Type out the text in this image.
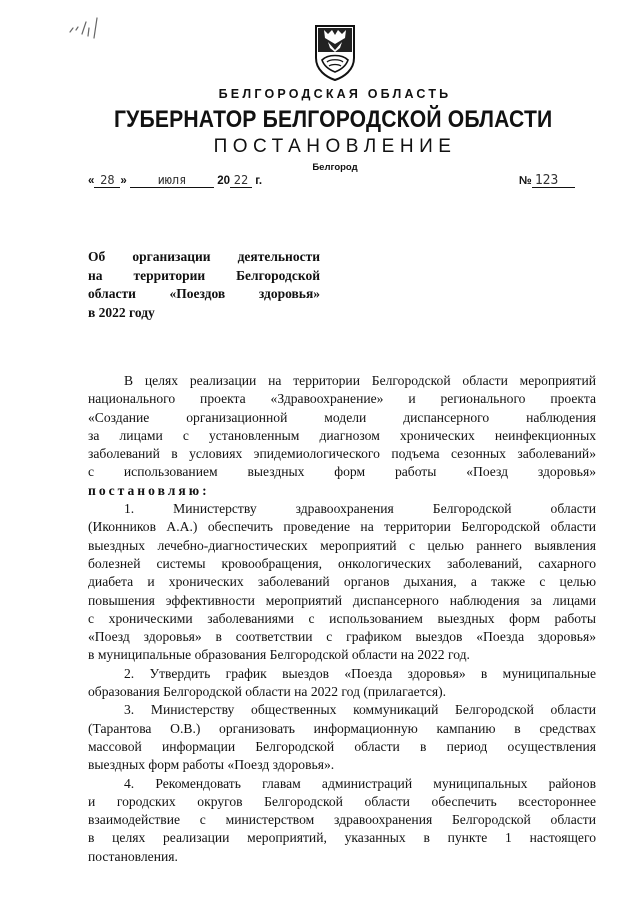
БЕЛГОРОДСКАЯ ОБЛАСТЬ
ГУБЕРНАТОР БЕЛГОРОДСКОЙ ОБЛАСТИ
ПОСТАНОВЛЕНИЕ
Белгород
« 28 »	июля	20 22 г.	№ 123
Об организации деятельности
на территории Белгородской
области «Поездов здоровья»
в 2022 году
В целях реализации на территории Белгородской области мероприятий
национального проекта «Здравоохранение» и регионального проекта
«Создание организационной модели диспансерного наблюдения
за лицами с установленным диагнозом хронических неинфекционных
заболеваний в условиях эпидемиологического подъема сезонных заболеваний»
с использованием выездных форм работы «Поезд здоровья»
постановляю:
1. Министерству здравоохранения Белгородской области
(Иконников А.А.) обеспечить проведение на территории Белгородской области
выездных лечебно-диагностических мероприятий с целью раннего выявления
болезней системы кровообращения, онкологических заболеваний, сахарного
диабета и хронических заболеваний органов дыхания, а также с целью
повышения эффективности мероприятий диспансерного наблюдения за лицами
с хроническими заболеваниями с использованием выездных форм работы
«Поезд здоровья» в соответствии с графиком выездов «Поезда здоровья»
в муниципальные образования Белгородской области на 2022 год.
2. Утвердить график выездов «Поезда здоровья» в муниципальные
образования Белгородской области на 2022 год (прилагается).
3. Министерству общественных коммуникаций Белгородской области
(Тарантова О.В.) организовать информационную кампанию в средствах
массовой информации Белгородской области в период осуществления
выездных форм работы «Поезд здоровья».
4. Рекомендовать главам администраций муниципальных районов
и городских округов Белгородской области обеспечить всестороннее
взаимодействие с министерством здравоохранения Белгородской области
в целях реализации мероприятий, указанных в пункте 1 настоящего
постановления.
